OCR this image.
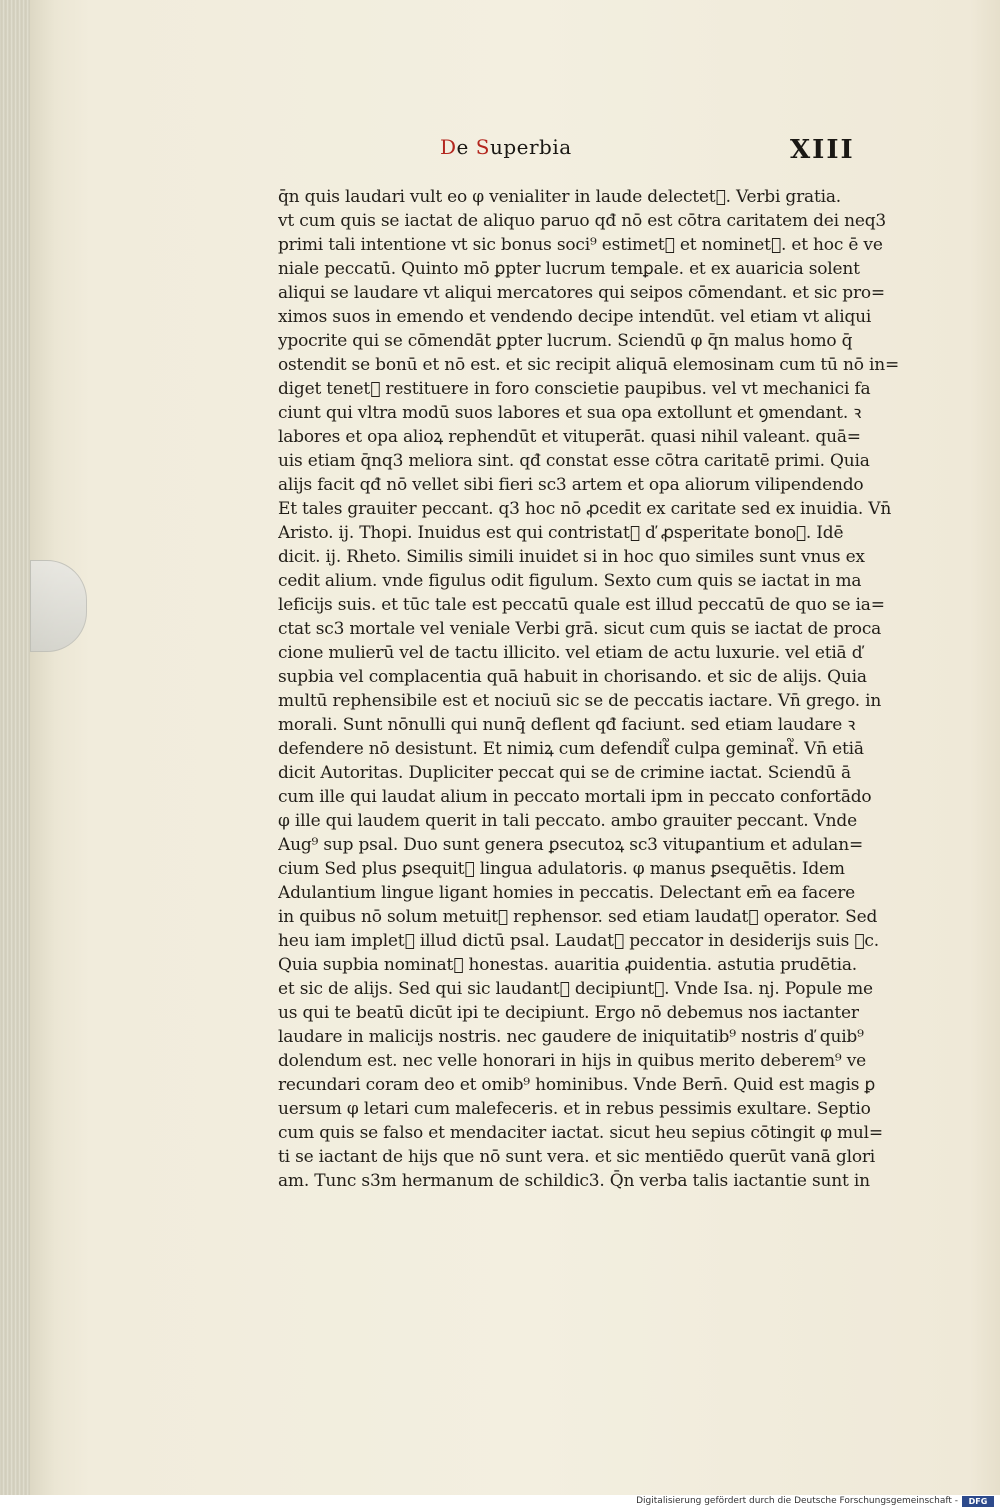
De Superbia	XIII
q̄n quis laudari vult eo φ venialiter in laude delectet᷑. Verbi gratia.
vt cum quis se iactat de aliquo paruo qđ nō est cōtra caritatem dei neq3
primi tali intentione vt sic bonus soci⁹ estimet᷑ et nominet᷑. et hoc ē ve
niale peccatū. Quinto mō ꝑpter lucrum temꝑale. et ex auaricia solent
aliqui se laudare vt aliqui mercatores qui seipos cōmendant. et sic pro=
ximos suos in emendo et vendendo decipe intendūt. vel etiam vt aliqui
ypocrite qui se cōmendāt ꝑpter lucrum. Sciendū φ q̄n malus homo q̄
ostendit se bonū et nō est. et sic recipit aliquā elemosinam cum tū nō in=
diget tenet᷑ restituere in foro conscietie paupibus. vel vt mechanici fa
ciunt qui vltra modū suos labores et sua opa extollunt et ꝯmendant. ꝛ
labores et opa alioꝝ rephendūt et vituperāt. quasi nihil valeant. quā=
uis etiam q̄nq3 meliora sint. qđ constat esse cōtra caritatē primi. Quia
alijs facit qđ nō vellet sibi fieri sc3 artem et opa aliorum vilipendendo
Et tales grauiter peccant. q3 hoc nō ꝓcedit ex caritate sed ex inuidia. Vn̄
Aristo. ij. Thopi. Inuidus est qui contristat᷑ ď ꝓsperitate bonoꝝ. Idē
dicit. ij. Rheto. Similis simili inuidet si in hoc quo similes sunt vnus ex
cedit alium. vnde figulus odit figulum. Sexto cum quis se iactat in ma
leficijs suis. et tūc tale est peccatū quale est illud peccatū de quo se ia=
ctat sc3 mortale vel veniale Verbi grā. sicut cum quis se iactat de proca
cione mulierū vel de tactu illicito. vel etiam de actu luxurie. vel etiā ď
supbia vel complacentia quā habuit in chorisando. et sic de alijs. Quia
multū rephensibile est et nociuū sic se de peccatis iactare. Vn̄ grego. in
morali. Sunt nōnulli qui nunq̄ deflent qđ faciunt. sed etiam laudare ꝛ
defendere nō desistunt. Et nimiꝝ cum defendit᷑ culpa geminat᷑. Vn̄ etiā
dicit Autoritas. Dupliciter peccat qui se de crimine iactat. Sciendū ā
cum ille qui laudat alium in peccato mortali ipm in peccato confortādo
φ ille qui laudem querit in tali peccato. ambo grauiter peccant. Vnde
Aug⁹ sup psal. Duo sunt genera ꝑsecutoꝝ sc3 vituꝑantium et adulan=
cium Sed plus ꝑsequit᷑ lingua adulatoris. φ manus ꝑsequētis. Idem
Adulantium lingue ligant homies in peccatis. Delectant em̄ ea facere
in quibus nō solum metuit᷑ rephensor. sed etiam laudat᷑ operator. Sed
heu iam implet᷑ illud dictū psal. Laudat᷑ peccator in desiderijs suis ꝛc.
Quia supbia nominat᷑ honestas. auaritia ꝓuidentia. astutia prudētia.
et sic de alijs. Sed qui sic laudant᷑ decipiunt᷑. Vnde Isa. nj. Popule me
us qui te beatū dicūt ipi te decipiunt. Ergo nō debemus nos iactanter
laudare in malicijs nostris. nec gaudere de iniquitatib⁹ nostris ď quib⁹
dolendum est. nec velle honorari in hijs in quibus merito deberem⁹ ve
recundari coram deo et omib⁹ hominibus. Vnde Bern̄. Quid est magis ꝑ
uersum φ letari cum malefeceris. et in rebus pessimis exultare. Septio
cum quis se falso et mendaciter iactat. sicut heu sepius cōtingit φ mul=
ti se iactant de hijs que nō sunt vera. et sic mentiēdo querūt vanā glori
am. Tunc s3m hermanum de schildic3. Q̄n verba talis iactantie sunt in
Digitalisierung gefördert durch die Deutsche Forschungsgemeinschaft -	DFG
